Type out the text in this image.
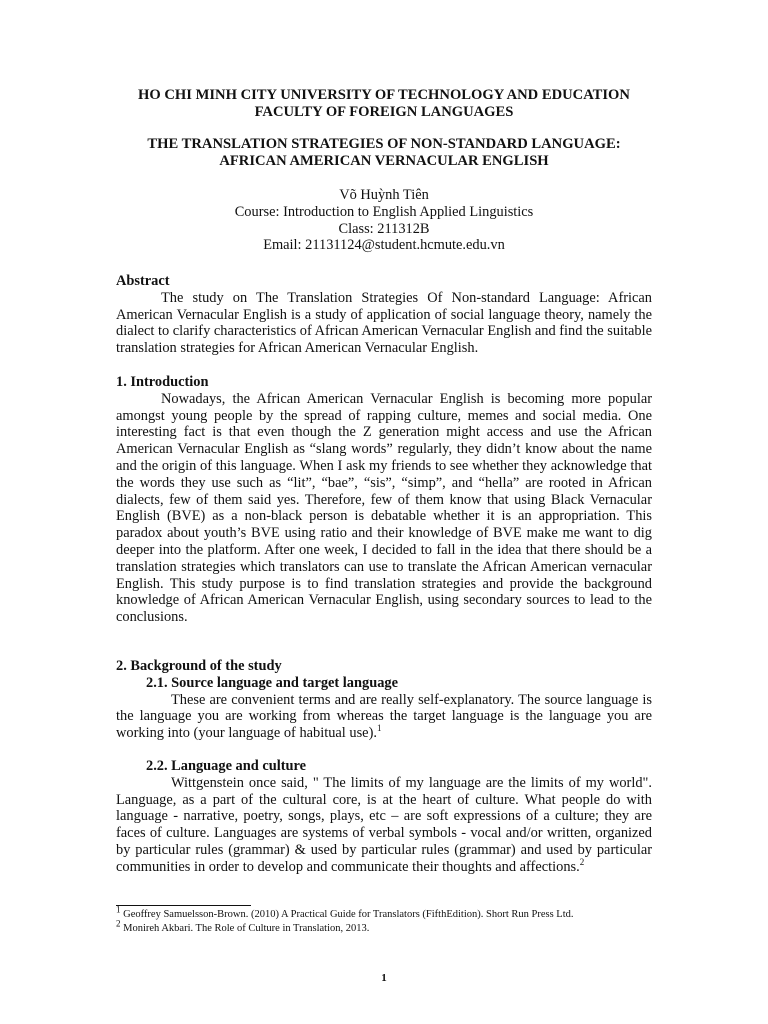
HO CHI MINH CITY UNIVERSITY OF TECHNOLOGY AND EDUCATION
FACULTY OF FOREIGN LANGUAGES
THE TRANSLATION STRATEGIES OF NON-STANDARD LANGUAGE:
AFRICAN AMERICAN VERNACULAR ENGLISH
Võ Huỳnh Tiên
Course: Introduction to English Applied Linguistics
Class: 211312B
Email: 21131124@student.hcmute.edu.vn
Abstract
The study on The Translation Strategies Of Non-standard Language: African American Vernacular English is a study of application of social language theory, namely the dialect to clarify characteristics of African American Vernacular English and find the suitable translation strategies for African American Vernacular English.
1. Introduction
Nowadays, the African American Vernacular English is becoming more popular amongst young people by the spread of rapping culture, memes and social media. One interesting fact is that even though the Z generation might access and use the African American Vernacular English as “slang words” regularly, they didn’t know about the name and the origin of this language. When I ask my friends to see whether they acknowledge that the words they use such as “lit”, “bae”, “sis”, “simp”, and “hella” are rooted in African dialects, few of them said yes. Therefore, few of them know that using Black Vernacular English (BVE) as a non-black person is debatable whether it is an appropriation. This paradox about youth’s BVE using ratio and their knowledge of BVE make me want to dig deeper into the platform. After one week, I decided to fall in the idea that there should be a translation strategies which translators can use to translate the African American vernacular English. This study purpose is to find translation strategies and provide the background knowledge of African American Vernacular English, using secondary sources to lead to the conclusions.
2. Background of the study
2.1. Source language and target language
These are convenient terms and are really self-explanatory. The source language is the language you are working from whereas the target language is the language you are working into (your language of habitual use).$^1$
2.2. Language and culture
Wittgenstein once said, " The limits of my language are the limits of my world". Language, as a part of the cultural core, is at the heart of culture. What people do with language - narrative, poetry, songs, plays, etc – are soft expressions of a culture; they are faces of culture. Languages are systems of verbal symbols - vocal and/or written, organized by particular rules (grammar) & used by particular rules (grammar) and used by particular communities in order to develop and communicate their thoughts and affections.$^2$
$^1$ Geoffrey Samuelsson-Brown. (2010) A Practical Guide for Translators (FifthEdition). Short Run Press Ltd.
$^2$ Monireh Akbari. The Role of Culture in Translation, 2013.
1
